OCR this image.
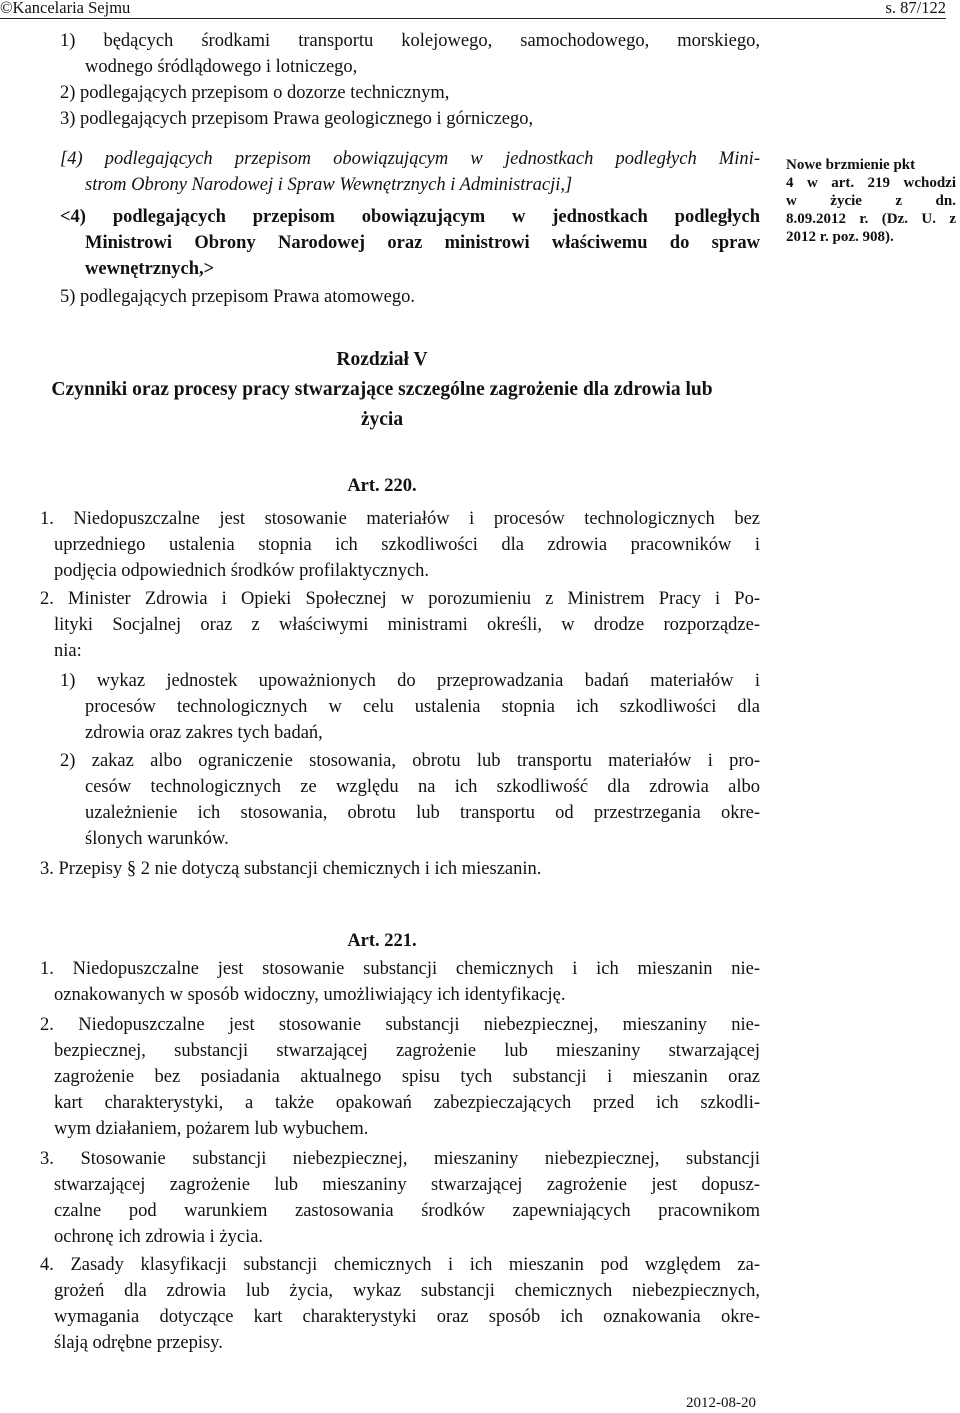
©Kancelaria Sejmu	s. 87/122
1) będących środkami transportu kolejowego, samochodowego, morskiego,
wodnego śródlądowego i lotniczego,
2) podlegających przepisom o dozorze technicznym,
3) podlegających przepisom Prawa geologicznego i górniczego,
[4) podlegających przepisom obowiązującym w jednostkach podległych Mini-
strom Obrony Narodowej i Spraw Wewnętrznych i Administracji,]
<4) podlegających przepisom obowiązującym w jednostkach podległych
Ministrowi Obrony Narodowej oraz ministrowi właściwemu do spraw
wewnętrznych,>
5) podlegających przepisom Prawa atomowego.
Nowe brzmienie pkt
4 w art. 219 wchodzi
w życie z dn.
8.09.2012 r. (Dz. U. z
2012 r. poz. 908).
Rozdział V
Czynniki oraz procesy pracy stwarzające szczególne zagrożenie dla zdrowia lub
życia
Art. 220.
1. Niedopuszczalne jest stosowanie materiałów i procesów technologicznych bez
uprzedniego ustalenia stopnia ich szkodliwości dla zdrowia pracowników i
podjęcia odpowiednich środków profilaktycznych.
2. Minister Zdrowia i Opieki Społecznej w porozumieniu z Ministrem Pracy i Po-
lityki Socjalnej oraz z właściwymi ministrami określi, w drodze rozporządze-
nia:
1) wykaz jednostek upoważnionych do przeprowadzania badań materiałów i
procesów technologicznych w celu ustalenia stopnia ich szkodliwości dla
zdrowia oraz zakres tych badań,
2) zakaz albo ograniczenie stosowania, obrotu lub transportu materiałów i pro-
cesów technologicznych ze względu na ich szkodliwość dla zdrowia albo
uzależnienie ich stosowania, obrotu lub transportu od przestrzegania okre-
ślonych warunków.
3. Przepisy § 2 nie dotyczą substancji chemicznych i ich mieszanin.
Art. 221.
1. Niedopuszczalne jest stosowanie substancji chemicznych i ich mieszanin nie-
oznakowanych w sposób widoczny, umożliwiający ich identyfikację.
2. Niedopuszczalne jest stosowanie substancji niebezpiecznej, mieszaniny nie-
bezpiecznej, substancji stwarzającej zagrożenie lub mieszaniny stwarzającej
zagrożenie bez posiadania aktualnego spisu tych substancji i mieszanin oraz
kart charakterystyki, a także opakowań zabezpieczających przed ich szkodli-
wym działaniem, pożarem lub wybuchem.
3. Stosowanie substancji niebezpiecznej, mieszaniny niebezpiecznej, substancji
stwarzającej zagrożenie lub mieszaniny stwarzającej zagrożenie jest dopusz-
czalne pod warunkiem zastosowania środków zapewniających pracownikom
ochronę ich zdrowia i życia.
4. Zasady klasyfikacji substancji chemicznych i ich mieszanin pod względem za-
grożeń dla zdrowia lub życia, wykaz substancji chemicznych niebezpiecznych,
wymagania dotyczące kart charakterystyki oraz sposób ich oznakowania okre-
ślają odrębne przepisy.
2012-08-20
